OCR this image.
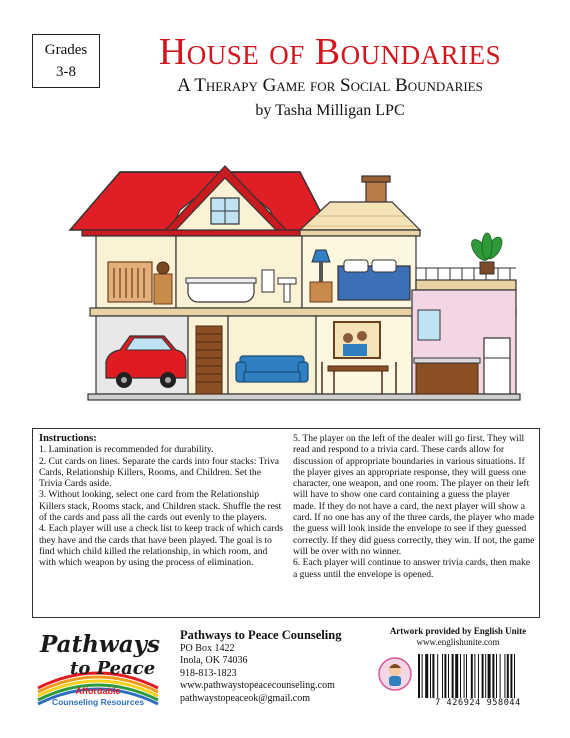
Grades
3-8	House of Boundaries
A Therapy Game for Social Boundaries
by Tasha Milligan LPC
Instructions:
1. Lamination is recommended for durability.
2. Cut cards on lines. Separate the cards into four stacks: Triva Cards, Relationship Killers, Rooms, and Children. Set the Trivia Cards aside.
3. Without looking, select one card from the Relationship Killers stack, Rooms stack, and Children stack. Shuffle the rest of the cards and pass all the cards out evenly to the players.
4. Each player will use a check list to keep track of which cards they have and the cards that have been played. The goal is to find which child killed the relationship, in which room, and with which weapon by using the process of elimination.
5. The player on the left of the dealer will go first. They will read and respond to a trivia card. These cards allow for discussion of appropriate boundaries in various situations. If the player gives an appropriate response, they will guess one character, one weapon, and one room. The player on their left will have to show one card containing a guess the player made. If they do not have a card, the next player will show a card. If no one has any of the three cards, the player who made the guess will look inside the envelope to see if they guessed correctly. If they did guess correctly, they win. If not, the game will be over with no winner.
6. Each player will continue to answer trivia cards, then make a guess until the envelope is opened.
Pathways
to Peace
Affordable
Counseling Resources
Pathways to Peace Counseling
PO Box 1422
Inola, OK 74036
918-813-1823
www.pathwaystopeacecounseling.com
pathwaystopeaceok@gmail.com
Artwork provided by English Unite
www.englishunite.com
7 426924 958044
